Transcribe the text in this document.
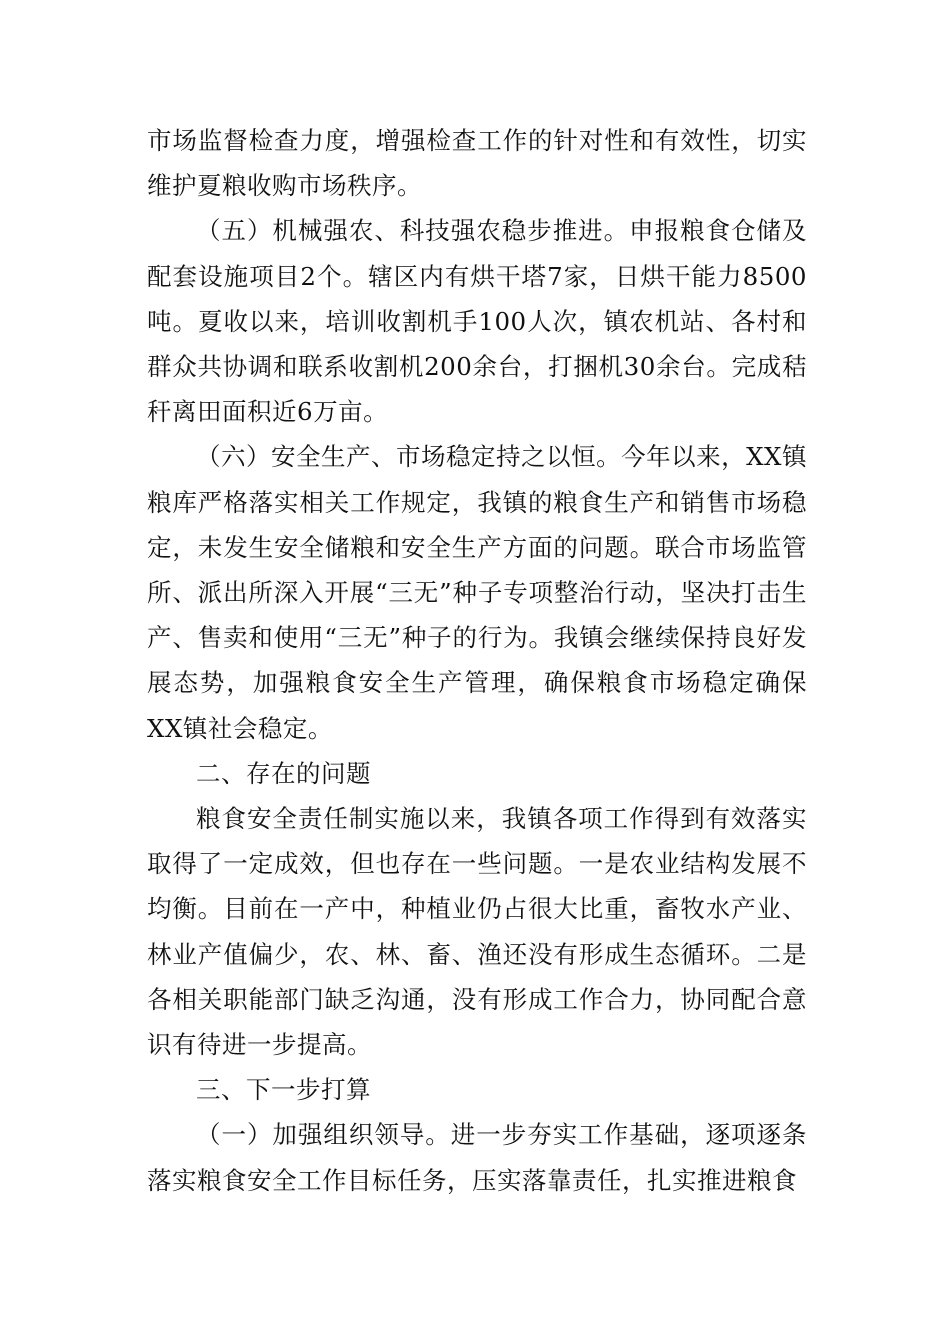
市场监督检查力度，增强检查工作的针对性和有效性，切实维护夏粮收购市场秩序。

（五）机械强农、科技强农稳步推进。申报粮食仓储及配套设施项目2个。辖区内有烘干塔7家，日烘干能力8500吨。夏收以来，培训收割机手100人次，镇农机站、各村和群众共协调和联系收割机200余台，打捆机30余台。完成秸秆离田面积近6万亩。

（六）安全生产、市场稳定持之以恒。今年以来，XX镇粮库严格落实相关工作规定，我镇的粮食生产和销售市场稳定，未发生安全储粮和安全生产方面的问题。联合市场监管所、派出所深入开展“三无”种子专项整治行动，坚决打击生产、售卖和使用“三无”种子的行为。我镇会继续保持良好发展态势，加强粮食安全生产管理，确保粮食市场稳定确保XX镇社会稳定。

二、存在的问题

粮食安全责任制实施以来，我镇各项工作得到有效落实取得了一定成效，但也存在一些问题。一是农业结构发展不均衡。目前在一产中，种植业仍占很大比重，畜牧水产业、林业产值偏少，农、林、畜、渔还没有形成生态循环。二是各相关职能部门缺乏沟通，没有形成工作合力，协同配合意识有待进一步提高。

三、下一步打算

（一）加强组织领导。进一步夯实工作基础，逐项逐条落实粮食安全工作目标任务，压实落靠责任，扎实推进粮食
